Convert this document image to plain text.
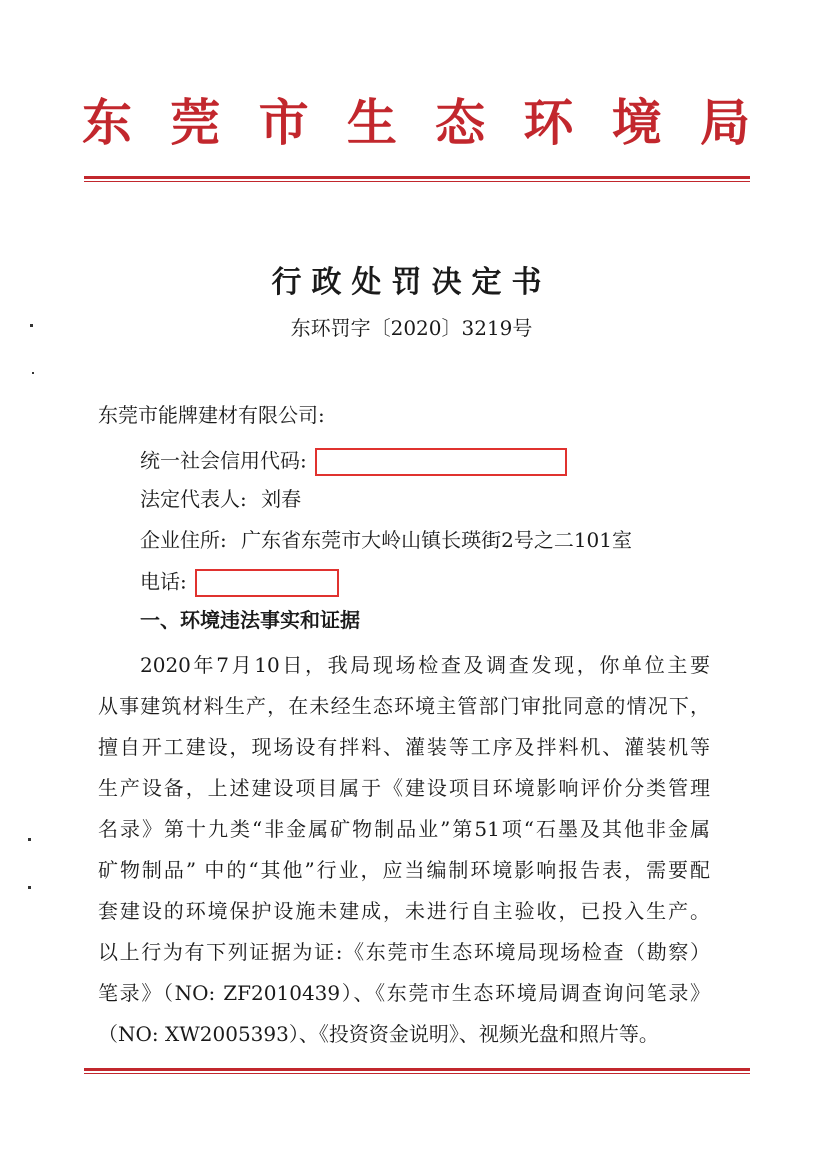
东 莞 市 生 态 环 境 局
行政处罚决定书
东环罚字〔2020〕3219号
东莞市能牌建材有限公司:
统一社会信用代码:
法定代表人: 刘春
企业住所: 广东省东莞市大岭山镇长瑛街2号之二101室
电话:
一、环境违法事实和证据
2020年7月10日，我局现场检查及调查发现，你单位主要
从事建筑材料生产，在未经生态环境主管部门审批同意的情况下，
擅自开工建设，现场设有拌料、灌装等工序及拌料机、灌装机等
生产设备，上述建设项目属于《建设项目环境影响评价分类管理
名录》第十九类“非金属矿物制品业”第51项“石墨及其他非金属
矿物制品” 中的“其他”行业，应当编制环境影响报告表，需要配
套建设的环境保护设施未建成，未进行自主验收，已投入生产。
以上行为有下列证据为证:《东莞市生态环境局现场检查（勘察）
笔录》（NO: ZF2010439）、《东莞市生态环境局调查询问笔录》
（NO: XW2005393）、《投资资金说明》、视频光盘和照片等。
